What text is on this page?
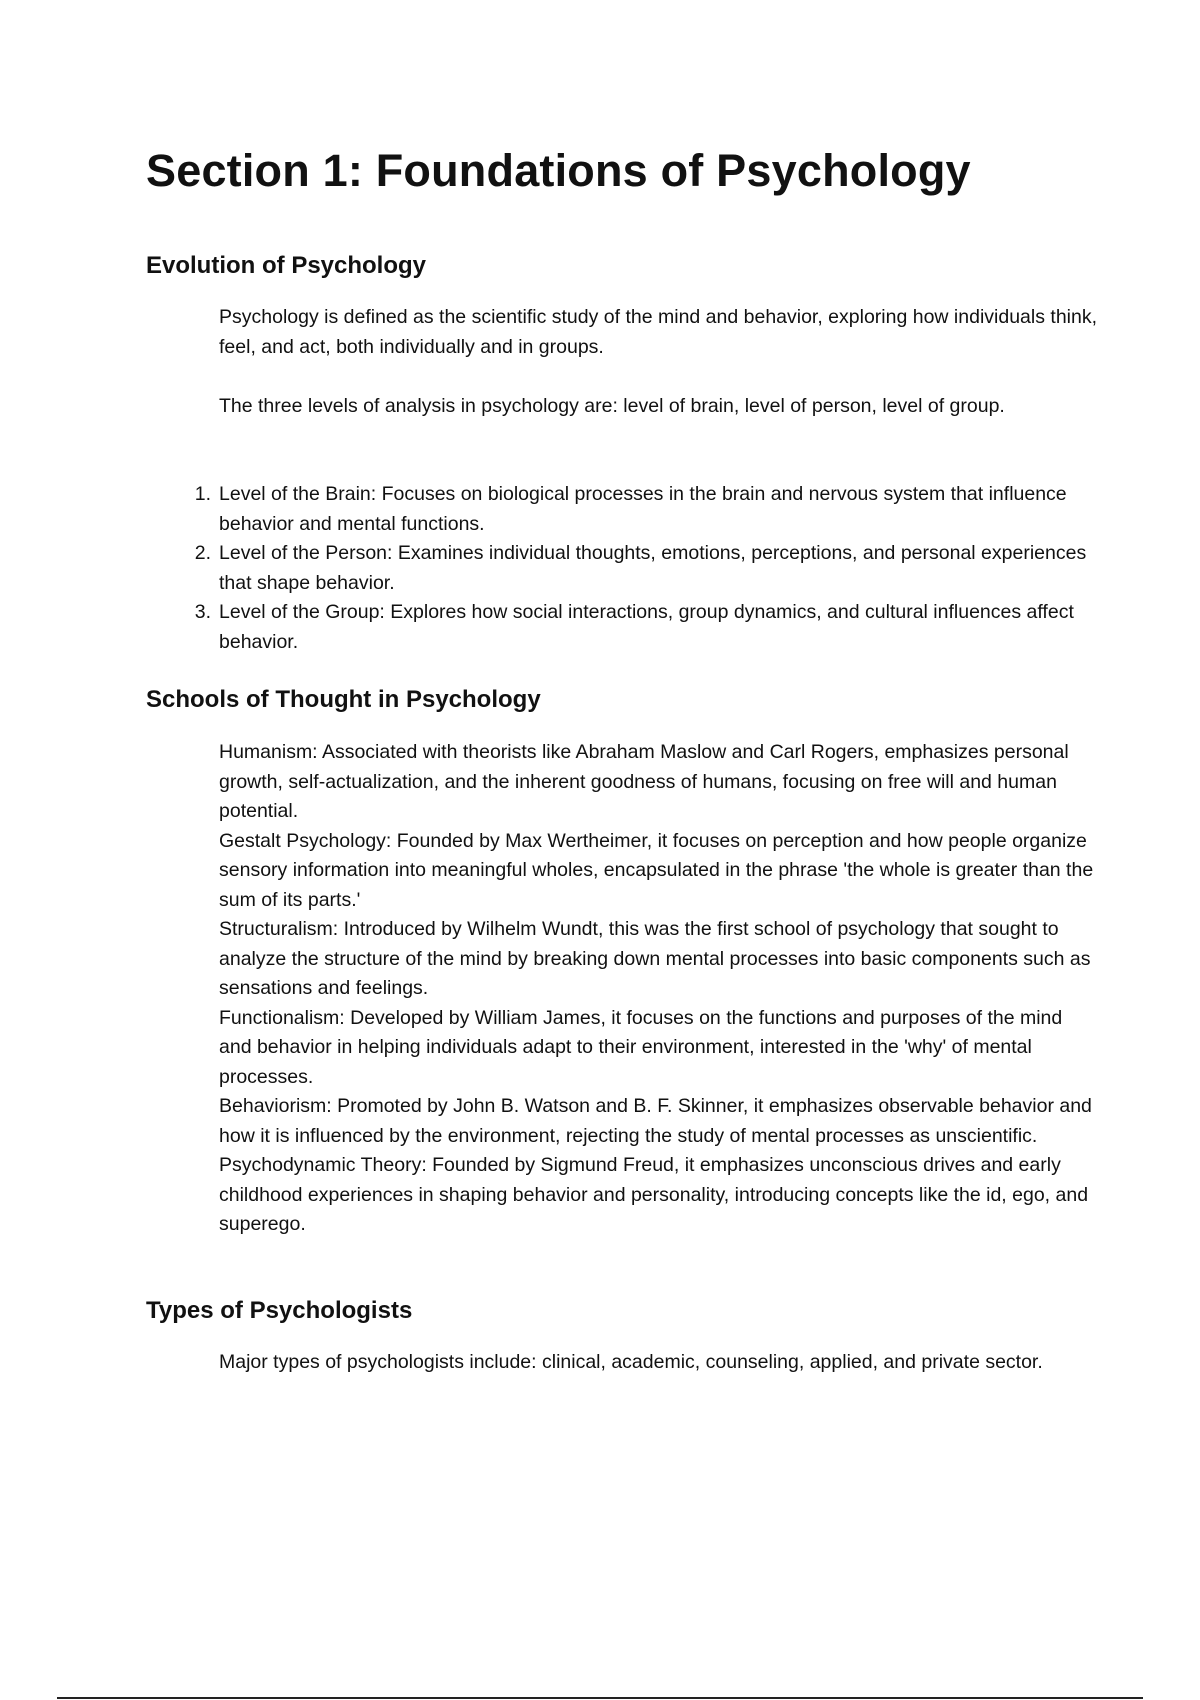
Section 1: Foundations of Psychology
Evolution of Psychology

Psychology is defined as the scientific study of the mind and behavior, exploring how individuals think, feel, and act, both individually and in groups.

The three levels of analysis in psychology are: level of brain, level of person, level of group.

1. Level of the Brain: Focuses on biological processes in the brain and nervous system that influence behavior and mental functions.
2. Level of the Person: Examines individual thoughts, emotions, perceptions, and personal experiences that shape behavior.
3. Level of the Group: Explores how social interactions, group dynamics, and cultural influences affect behavior.
Schools of Thought in Psychology

Humanism: Associated with theorists like Abraham Maslow and Carl Rogers, emphasizes personal growth, self-actualization, and the inherent goodness of humans, focusing on free will and human potential.

Gestalt Psychology: Founded by Max Wertheimer, it focuses on perception and how people organize sensory information into meaningful wholes, encapsulated in the phrase 'the whole is greater than the sum of its parts.'

Structuralism: Introduced by Wilhelm Wundt, this was the first school of psychology that sought to analyze the structure of the mind by breaking down mental processes into basic components such as sensations and feelings.

Functionalism: Developed by William James, it focuses on the functions and purposes of the mind and behavior in helping individuals adapt to their environment, interested in the 'why' of mental processes.

Behaviorism: Promoted by John B. Watson and B. F. Skinner, it emphasizes observable behavior and how it is influenced by the environment, rejecting the study of mental processes as unscientific.

Psychodynamic Theory: Founded by Sigmund Freud, it emphasizes unconscious drives and early childhood experiences in shaping behavior and personality, introducing concepts like the id, ego, and superego.

Types of Psychologists

Major types of psychologists include: clinical, academic, counseling, applied, and private sector.
